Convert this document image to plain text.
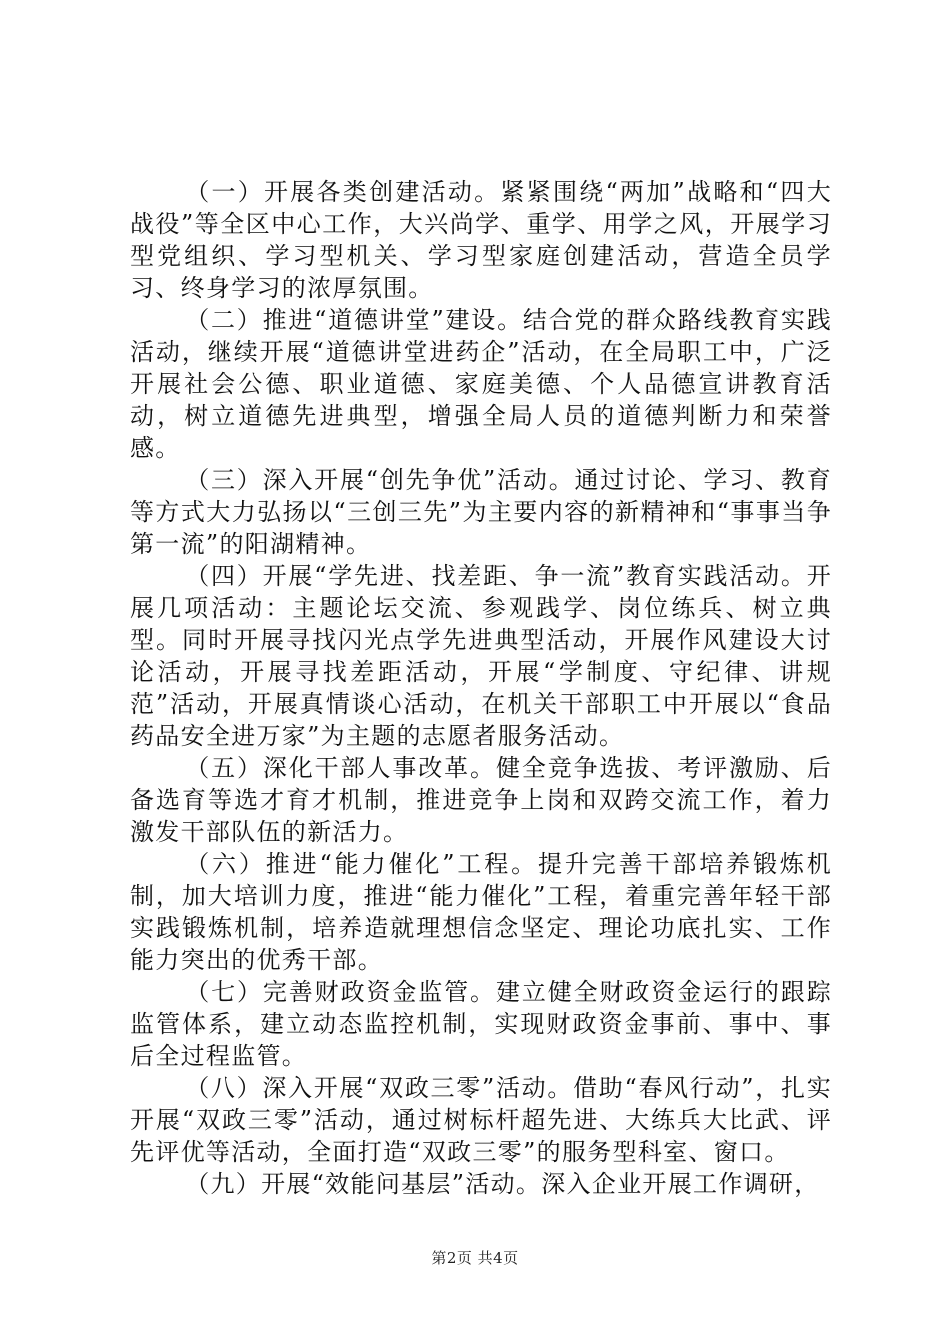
（一）开展各类创建活动。紧紧围绕“两加”战略和“四大战役”等全区中心工作，大兴尚学、重学、用学之风，开展学习型党组织、学习型机关、学习型家庭创建活动，营造全员学习、终身学习的浓厚氛围。

（二）推进“道德讲堂”建设。结合党的群众路线教育实践活动，继续开展“道德讲堂进药企”活动，在全局职工中，广泛开展社会公德、职业道德、家庭美德、个人品德宣讲教育活动，树立道德先进典型，增强全局人员的道德判断力和荣誉感。

（三）深入开展“创先争优”活动。通过讨论、学习、教育等方式大力弘扬以“三创三先”为主要内容的新精神和“事事当争第一流”的阳湖精神。

（四）开展“学先进、找差距、争一流”教育实践活动。开展几项活动：主题论坛交流、参观践学、岗位练兵、树立典型。同时开展寻找闪光点学先进典型活动，开展作风建设大讨论活动，开展寻找差距活动，开展“学制度、守纪律、讲规范”活动，开展真情谈心活动，在机关干部职工中开展以“食品药品安全进万家”为主题的志愿者服务活动。

（五）深化干部人事改革。健全竞争选拔、考评激励、后备选育等选才育才机制，推进竞争上岗和双跨交流工作，着力激发干部队伍的新活力。

（六）推进“能力催化”工程。提升完善干部培养锻炼机制，加大培训力度，推进“能力催化”工程，着重完善年轻干部实践锻炼机制，培养造就理想信念坚定、理论功底扎实、工作能力突出的优秀干部。

（七）完善财政资金监管。建立健全财政资金运行的跟踪监管体系，建立动态监控机制，实现财政资金事前、事中、事后全过程监管。

（八）深入开展“双政三零”活动。借助“春风行动”，扎实开展“双政三零”活动，通过树标杆超先进、大练兵大比武、评先评优等活动，全面打造“双政三零”的服务型科室、窗口。

（九）开展“效能问基层”活动。深入企业开展工作调研，

第2页 共4页
